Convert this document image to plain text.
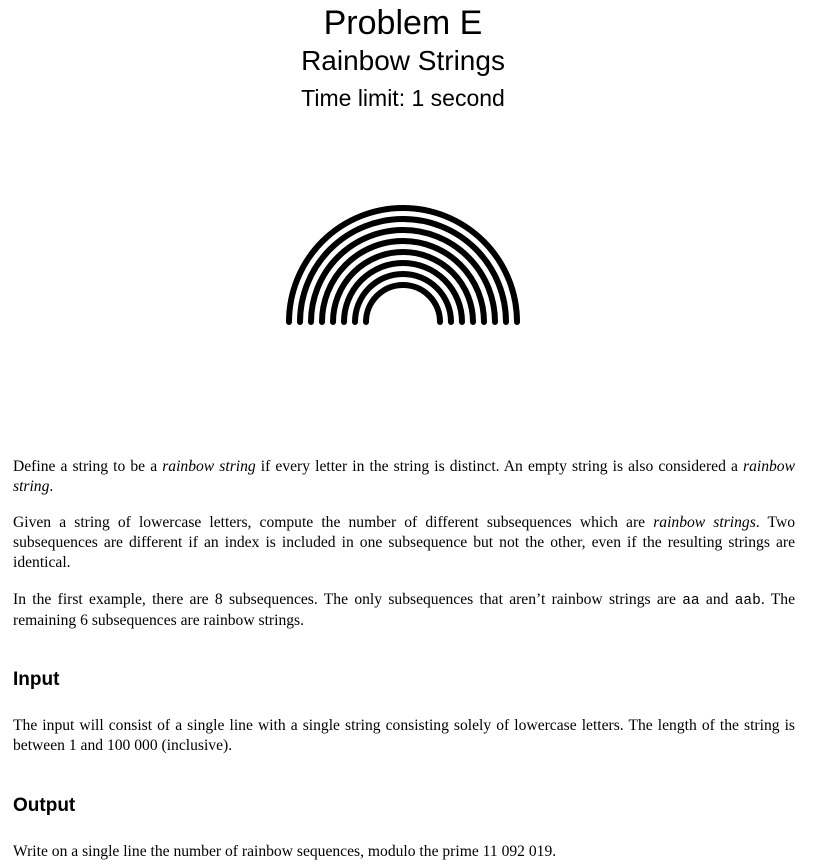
Problem E
Rainbow Strings
Time limit: 1 second

Define a string to be a rainbow string if every letter in the string is distinct. An empty string is also considered a rainbow string.

Given a string of lowercase letters, compute the number of different subsequences which are rainbow strings. Two subsequences are different if an index is included in one subsequence but not the other, even if the resulting strings are identical.

In the first example, there are 8 subsequences. The only subsequences that aren’t rainbow strings are aa and aab. The remaining 6 subsequences are rainbow strings.

Input

The input will consist of a single line with a single string consisting solely of lowercase letters. The length of the string is between 1 and 100 000 (inclusive).

Output

Write on a single line the number of rainbow sequences, modulo the prime 11 092 019.
